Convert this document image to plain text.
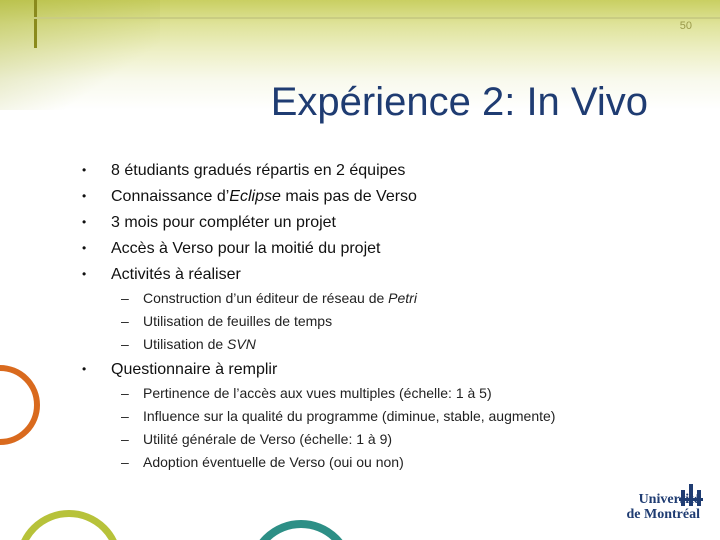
50
Expérience 2: In Vivo
• 8 étudiants gradués répartis en 2 équipes
• Connaissance d’Eclipse mais pas de Verso
• 3 mois pour compléter un projet
• Accès à Verso pour la moitié du projet
• Activités à réaliser
– Construction d’un éditeur de réseau de Petri
– Utilisation de feuilles de temps
– Utilisation de SVN
• Questionnaire à remplir
– Pertinence de l’accès aux vues multiples (échelle: 1 à 5)
– Influence sur la qualité du programme (diminue, stable, augmente)
– Utilité générale de Verso (échelle: 1 à 9)
– Adoption éventuelle de Verso (oui ou non)
Université
de Montréal
